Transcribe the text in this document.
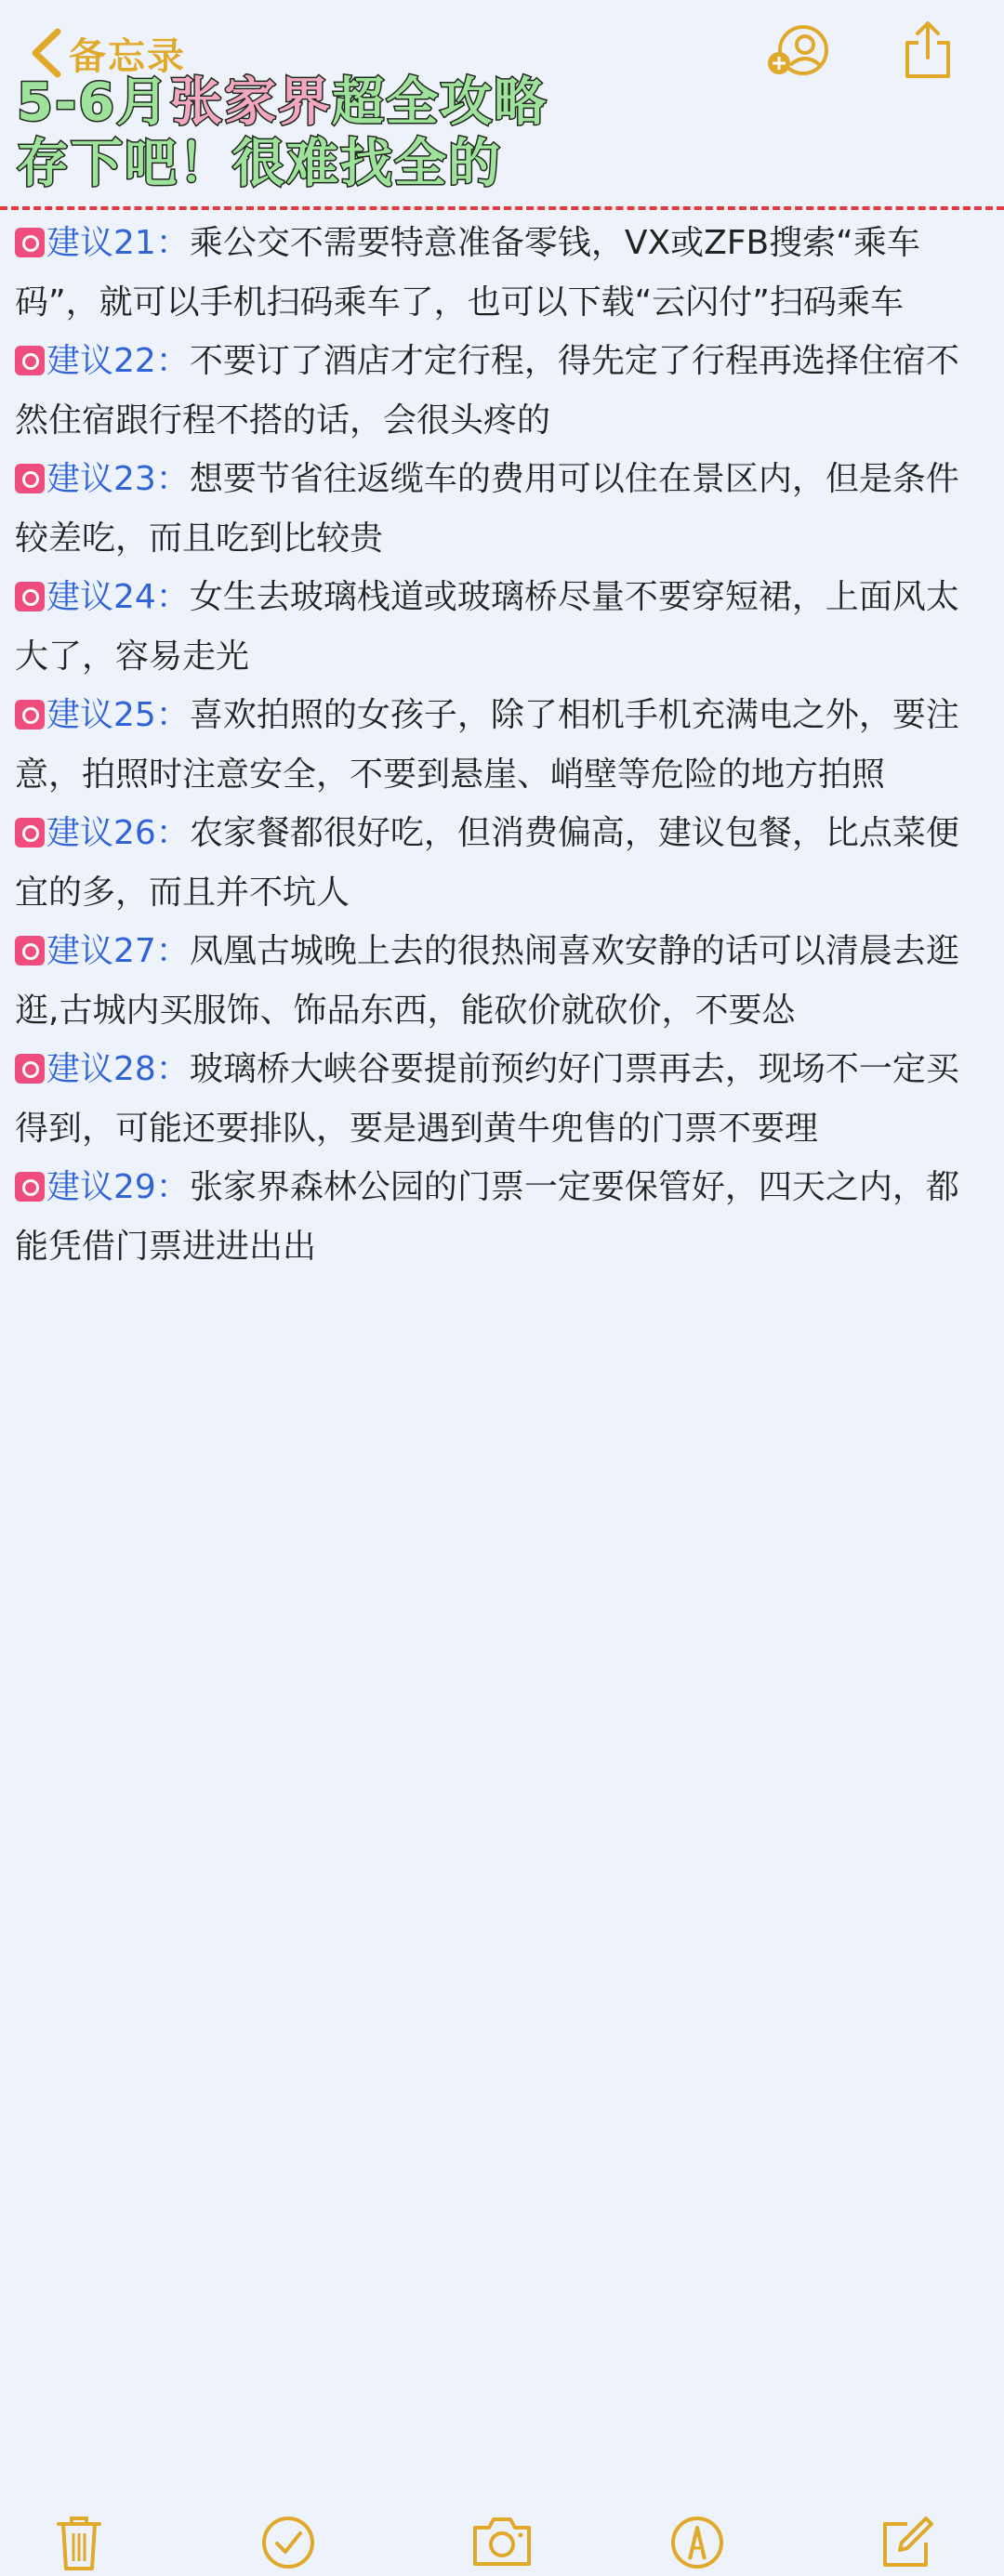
备忘录
5-6月张家界超全攻略
存下吧！很难找全的
建议21：乘公交不需要特意准备零钱，VX或ZFB搜索“乘车码”，就可以手机扫码乘车了，也可以下载“云闪付”扫码乘车
建议22：不要订了酒店才定行程，得先定了行程再选择住宿不然住宿跟行程不搭的话，会很头疼的
建议23：想要节省往返缆车的费用可以住在景区内，但是条件较差吃，而且吃到比较贵
建议24：女生去玻璃栈道或玻璃桥尽量不要穿短裙，上面风太大了，容易走光
建议25：喜欢拍照的女孩子，除了相机手机充满电之外，要注意，拍照时注意安全，不要到悬崖、峭壁等危险的地方拍照
建议26：农家餐都很好吃，但消费偏高，建议包餐，比点菜便宜的多，而且并不坑人
建议27：凤凰古城晚上去的很热闹喜欢安静的话可以清晨去逛逛,古城内买服饰、饰品东西，能砍价就砍价，不要怂
建议28：玻璃桥大峡谷要提前预约好门票再去，现场不一定买得到，可能还要排队，要是遇到黄牛兜售的门票不要理
建议29：张家界森林公园的门票一定要保管好，四天之内，都能凭借门票进进出出
